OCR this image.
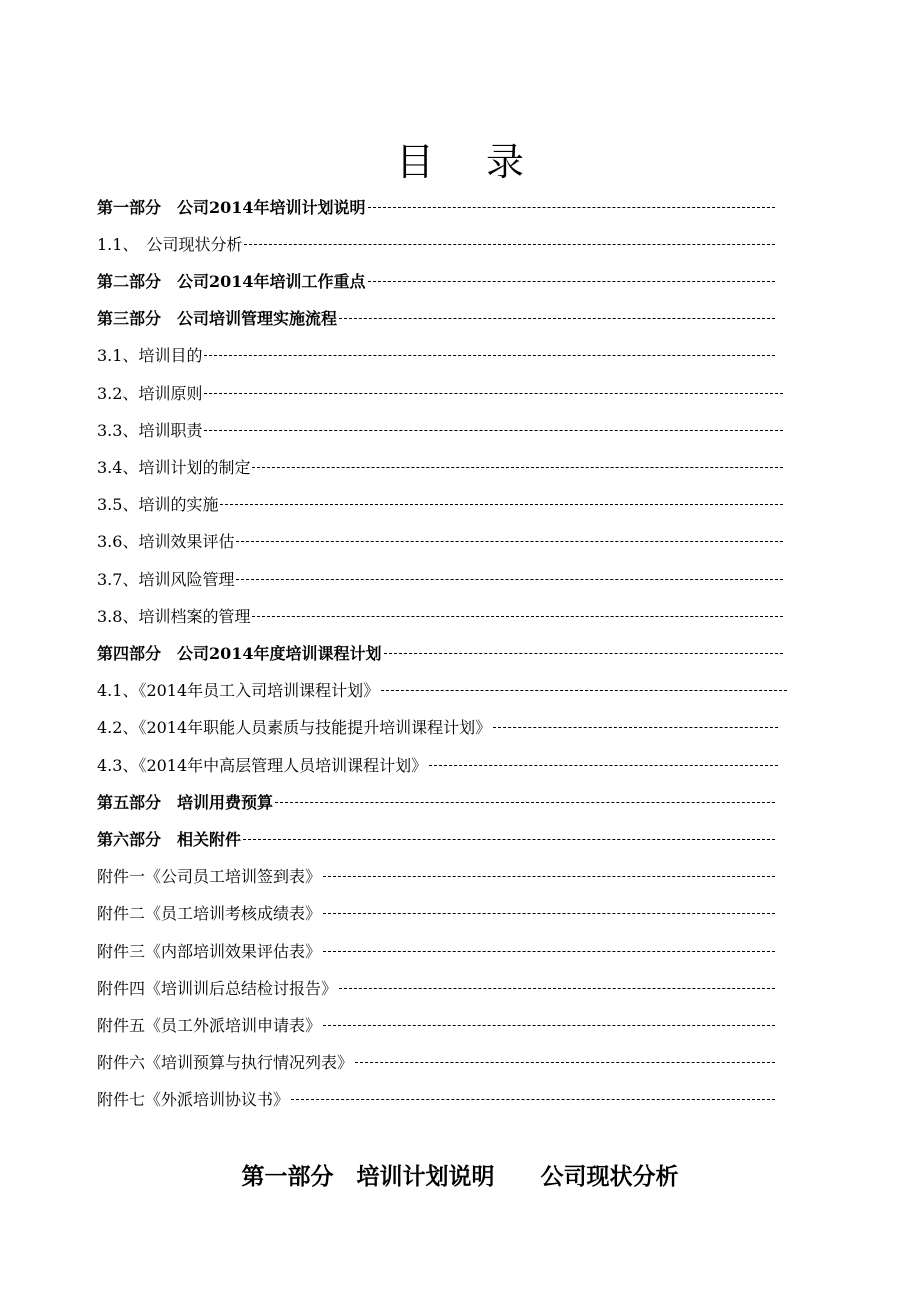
目 录
第一部分　公司2014年培训计划说明
1.1、　公司现状分析
第二部分　公司2014年培训工作重点
第三部分　公司培训管理实施流程
3.1、培训目的
3.2、培训原则
3.3、培训职责
3.4、培训计划的制定
3.5、培训的实施
3.6、培训效果评估
3.7、培训风险管理
3.8、培训档案的管理
第四部分　公司2014年度培训课程计划
4.1、《2014年员工入司培训课程计划》
4.2、《2014年职能人员素质与技能提升培训课程计划》
4.3、《2014年中高层管理人员培训课程计划》
第五部分　培训用费预算
第六部分　相关附件
附件一《公司员工培训签到表》
附件二《员工培训考核成绩表》
附件三《内部培训效果评估表》
附件四《培训训后总结检讨报告》
附件五《员工外派培训申请表》
附件六《培训预算与执行情况列表》
附件七《外派培训协议书》
第一部分　培训计划说明　　公司现状分析
